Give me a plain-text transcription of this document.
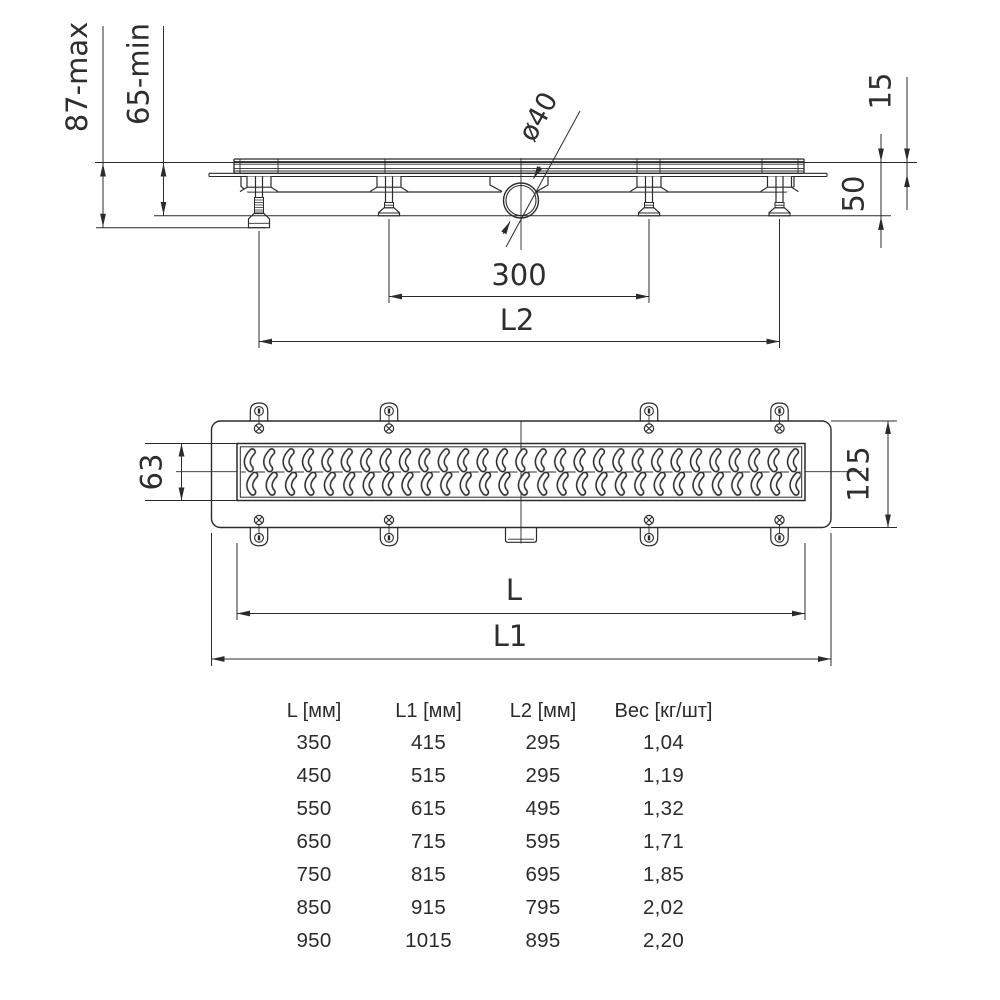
ø40
87-max 65-min	15
50
300
L2
63	125
L
L1
L [мм]	L1 [мм]	L2 [мм]	Вес [кг/шт]
350	415	295	1,04
450	515	295	1,19
550	615	495	1,32
650	715	595	1,71
750	815	695	1,85
850	915	795	2,02
950	1015	895	2,20
